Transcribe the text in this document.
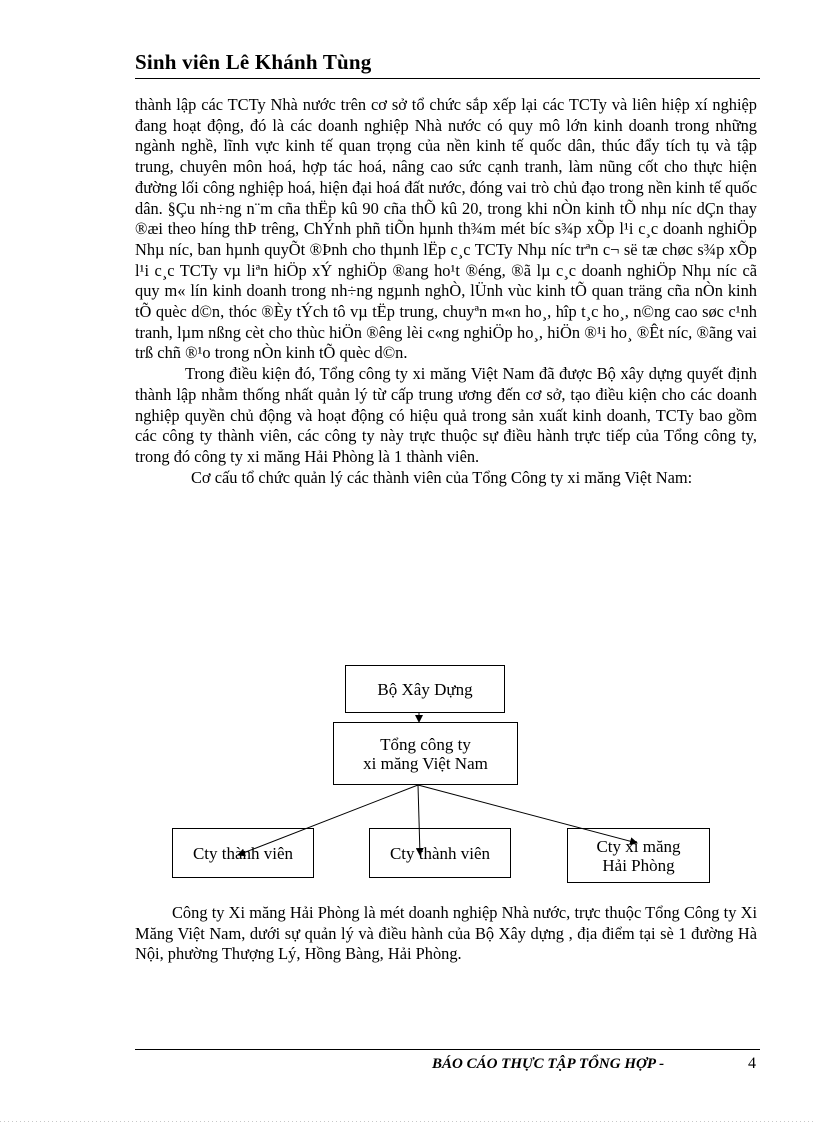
Sinh viên Lê Khánh Tùng

thành lập các TCTy Nhà nước trên cơ sở tổ chức sắp xếp lại các TCTy và liên hiệp xí nghiệp đang hoạt động, đó là các doanh nghiệp Nhà nước có quy mô lớn kinh doanh trong những ngành nghề, lĩnh vực kinh tế quan trọng của nền kinh tế quốc dân, thúc đẩy tích tụ và tập trung, chuyên môn hoá, hợp tác hoá, nâng cao sức cạnh tranh, làm nũng cốt cho thực hiện đường lối công nghiệp hoá, hiện đại hoá đất nước, đóng vai trò chủ đạo trong nền kinh tế quốc dân. §Çu nh÷ng n¨m cña thËp kû 90 cña thÕ kû 20, trong khi nÒn kinh tÕ nhµ níc dÇn thay ®æi theo híng thÞ trêng, ChÝnh phñ tiÕn hµnh th¾m mét bíc s¾p xÕp l¹i c¸c doanh nghiÖp Nhµ níc, ban hµnh quyÕt ®Þnh cho thµnh lËp c¸c TCTy Nhµ níc trªn c¬ së tæ chøc s¾p xÕp l¹i c¸c TCTy vµ liªn hiÖp xÝ nghiÖp ®ang ho¹t ®éng, ®ã lµ c¸c doanh nghiÖp Nhµ níc cã quy m« lín kinh doanh trong nh÷ng ngµnh nghÒ, lÜnh vùc kinh tÕ quan träng cña nÒn kinh tÕ quèc d©n, thóc ®Èy tÝch tô vµ tËp trung, chuyªn m«n ho¸, hîp t¸c ho¸, n©ng cao søc c¹nh tranh, lµm nßng cèt cho thùc hiÖn ®êng lèi c«ng nghiÖp ho¸, hiÖn ®¹i ho¸ ®Êt níc, ®ãng vai trß chñ ®¹o trong nÒn kinh tÕ quèc d©n.

Trong điều kiện đó, Tổng công ty xi măng Việt Nam đã được Bộ xây dựng quyết định thành lập nhằm thống nhất quản lý từ cấp trung ương đến cơ sở, tạo điều kiện cho các doanh nghiệp quyền chủ động và hoạt động có hiệu quả trong sản xuất kinh doanh, TCTy bao gồm các công ty thành viên, các công ty này trực thuộc sự điều hành trực tiếp của Tổng công ty, trong đó công ty xi măng Hải Phòng là 1 thành viên.

Cơ cấu tổ chức quản lý các thành viên của Tổng Công ty xi măng Việt Nam:

Bộ Xây Dựng
Tổng công ty
xi măng Việt Nam
Cty thành viên	Cty thành viên	Cty xi măng
Hải Phòng

Công ty Xi măng Hải Phòng là mét doanh nghiệp Nhà nước, trực thuộc Tổng Công ty Xi Măng Việt Nam, dưới sự quản lý và điều hành của Bộ Xây dựng , địa điểm tại sè 1 đường Hà Nội, phường Thượng Lý, Hồng Bàng, Hải Phòng.

BÁO CÁO THỰC TẬP TỔNG HỢP -	4
